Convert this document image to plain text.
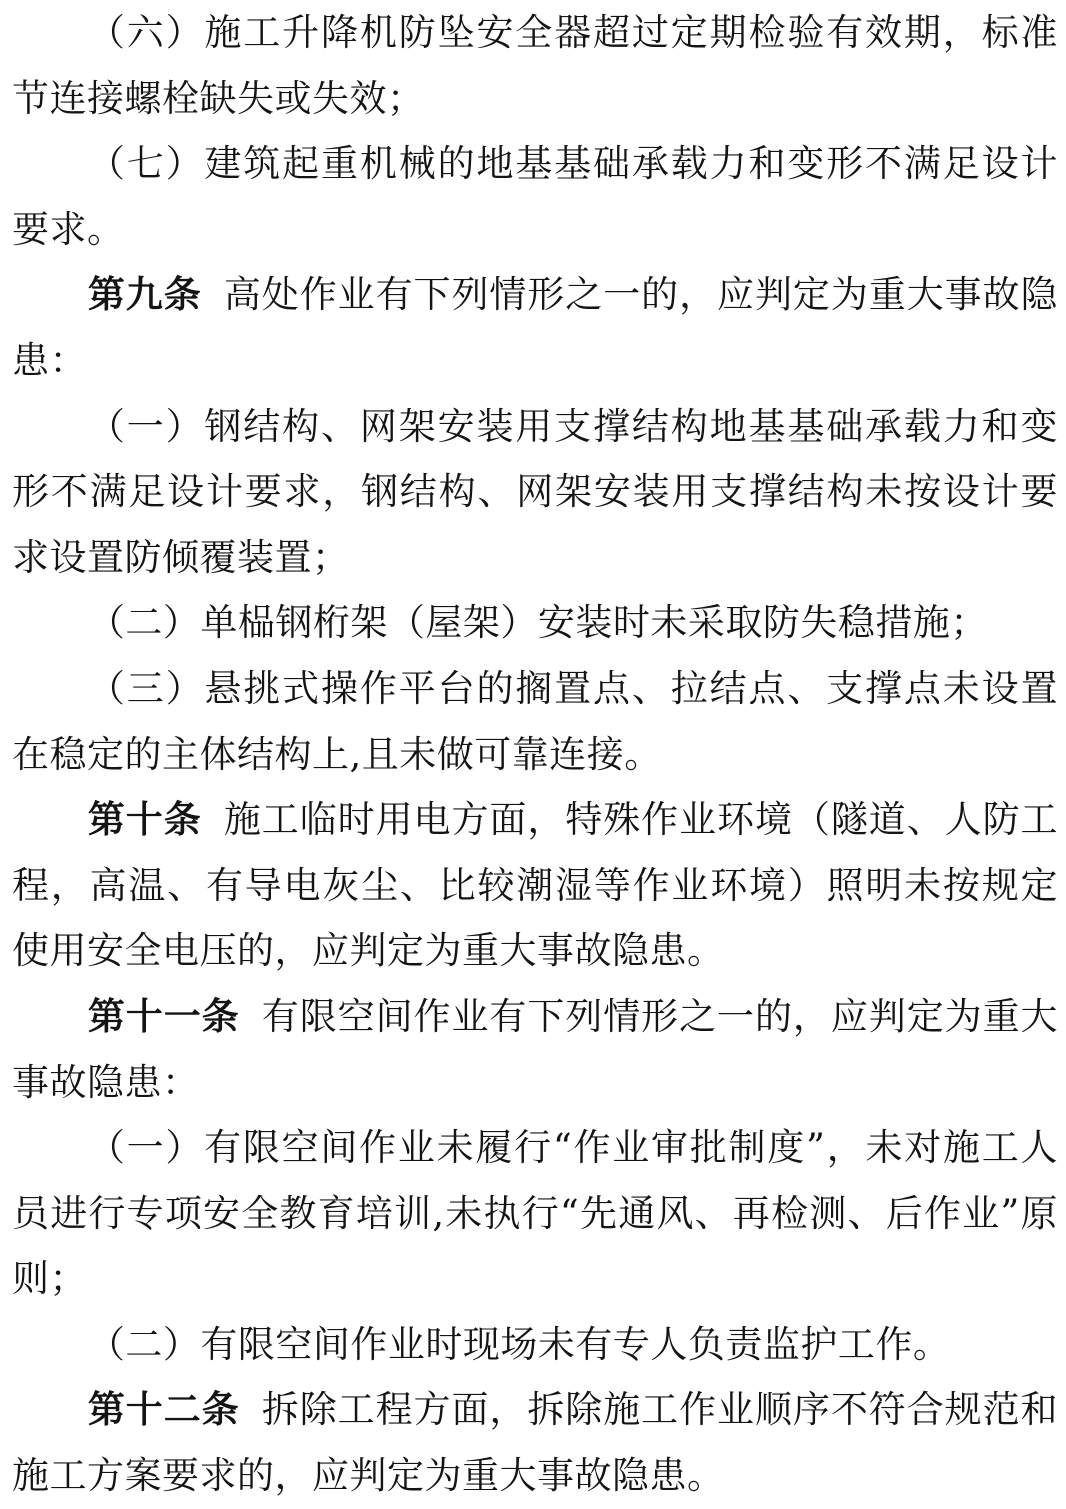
（六）施工升降机防坠安全器超过定期检验有效期，标准节连接螺栓缺失或失效；

（七）建筑起重机械的地基基础承载力和变形不满足设计要求。

第九条 高处作业有下列情形之一的，应判定为重大事故隐患：

（一）钢结构、网架安装用支撑结构地基基础承载力和变形不满足设计要求，钢结构、网架安装用支撑结构未按设计要求设置防倾覆装置；

（二）单榀钢桁架（屋架）安装时未采取防失稳措施；

（三）悬挑式操作平台的搁置点、拉结点、支撑点未设置在稳定的主体结构上,且未做可靠连接。

第十条 施工临时用电方面，特殊作业环境（隧道、人防工程，高温、有导电灰尘、比较潮湿等作业环境）照明未按规定使用安全电压的，应判定为重大事故隐患。

第十一条 有限空间作业有下列情形之一的，应判定为重大事故隐患：

（一）有限空间作业未履行“作业审批制度”，未对施工人员进行专项安全教育培训,未执行“先通风、再检测、后作业”原则；

（二）有限空间作业时现场未有专人负责监护工作。

第十二条 拆除工程方面，拆除施工作业顺序不符合规范和施工方案要求的，应判定为重大事故隐患。
